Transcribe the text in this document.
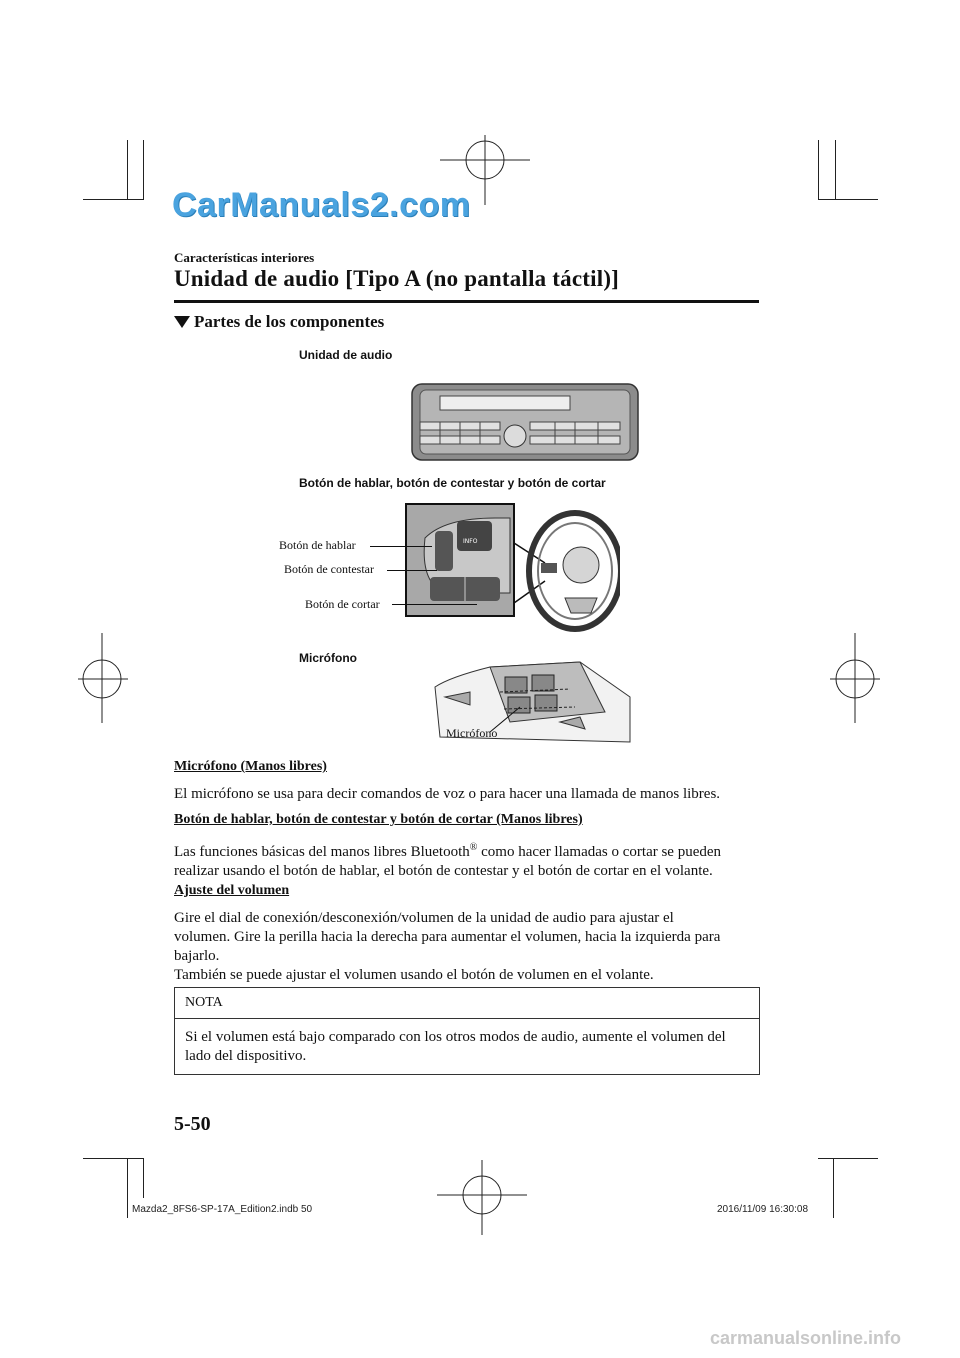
CarManuals2.com
Características interiores
Unidad de audio [Tipo A (no pantalla táctil)]
Partes de los componentes
Unidad de audio
Botón de hablar, botón de contestar y botón de cortar
INFO
Botón de hablar
Botón de contestar
Botón de cortar
Micrófono
Micrófono
Micrófono (Manos libres)
El micrófono se usa para decir comandos de voz o para hacer una llamada de manos libres.
Botón de hablar, botón de contestar y botón de cortar (Manos libres)
Las funciones básicas del manos libres Bluetooth® como hacer llamadas o cortar se pueden
realizar usando el botón de hablar, el botón de contestar y el botón de cortar en el volante.
Ajuste del volumen
Gire el dial de conexión/desconexión/volumen de la unidad de audio para ajustar el
volumen. Gire la perilla hacia la derecha para aumentar el volumen, hacia la izquierda para
bajarlo.
También se puede ajustar el volumen usando el botón de volumen en el volante.
NOTA
Si el volumen está bajo comparado con los otros modos de audio, aumente el volumen del lado del dispositivo.
5-50
Mazda2_8FS6-SP-17A_Edition2.indb 50	2016/11/09 16:30:08
carmanualsonline.info
